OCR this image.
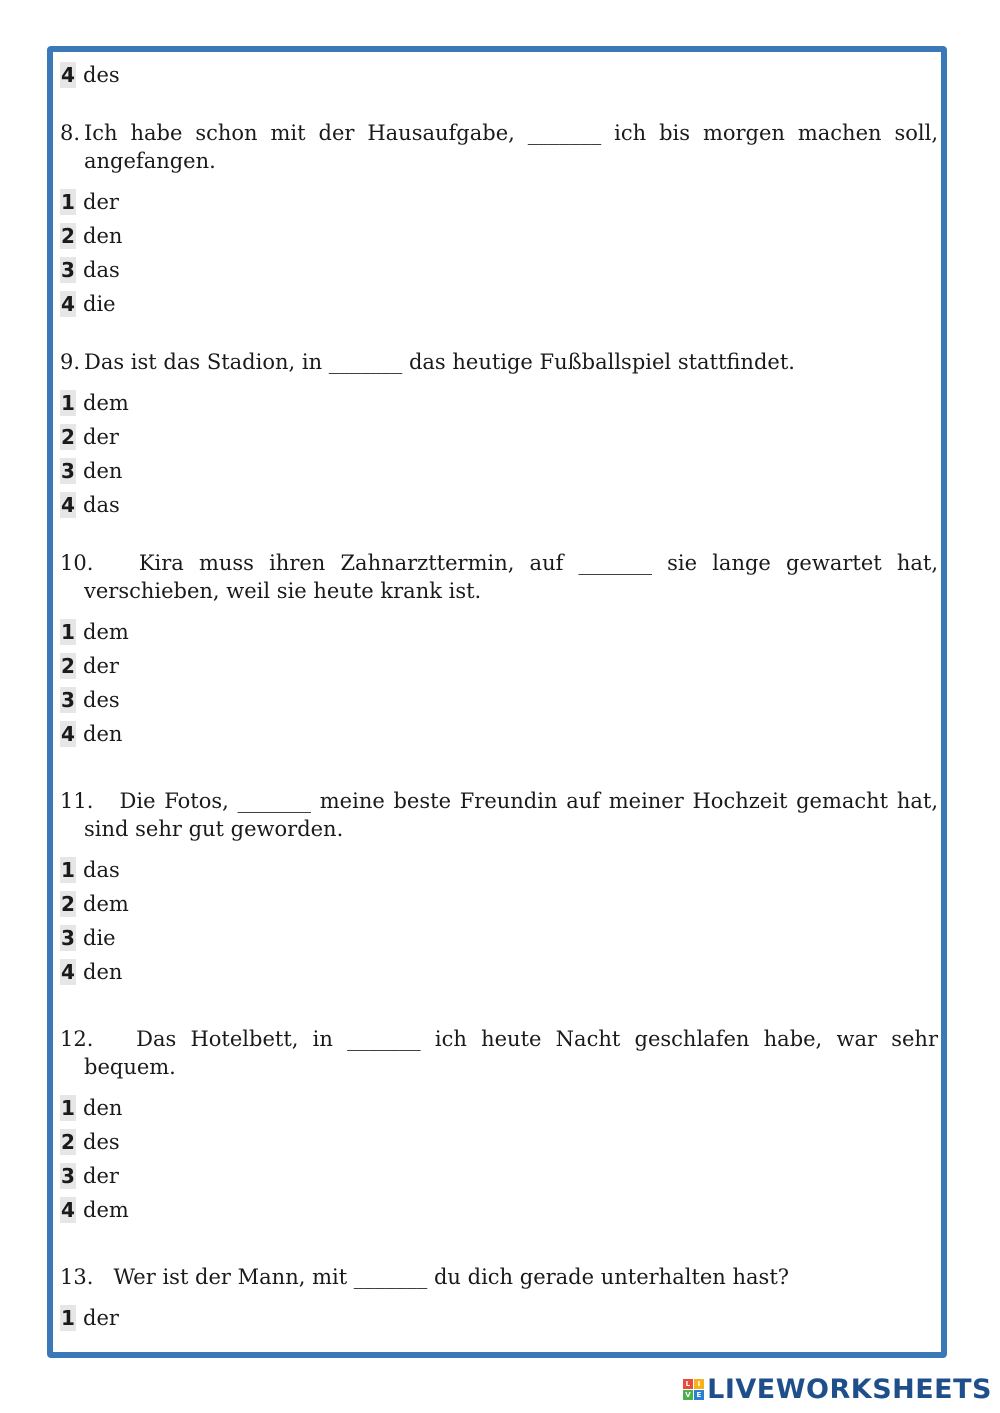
4 des
8. Ich habe schon mit der Hausaufgabe, _______ ich bis morgen machen soll, angefangen.
1 der
2 den
3 das
4 die
9. Das ist das Stadion, in _______ das heutige Fußballspiel stattfindet.
1 dem
2 der
3 den
4 das
10. Kira muss ihren Zahnarzttermin, auf _______ sie lange gewartet hat, verschieben, weil sie heute krank ist.
1 dem
2 der
3 des
4 den
11. Die Fotos, _______ meine beste Freundin auf meiner Hochzeit gemacht hat, sind sehr gut geworden.
1 das
2 dem
3 die
4 den
12. Das Hotelbett, in _______ ich heute Nacht geschlafen habe, war sehr bequem.
1 den
2 des
3 der
4 dem
13. Wer ist der Mann, mit _______ du dich gerade unterhalten hast?
1 der
L I
V E LIVEWORKSHEETS
